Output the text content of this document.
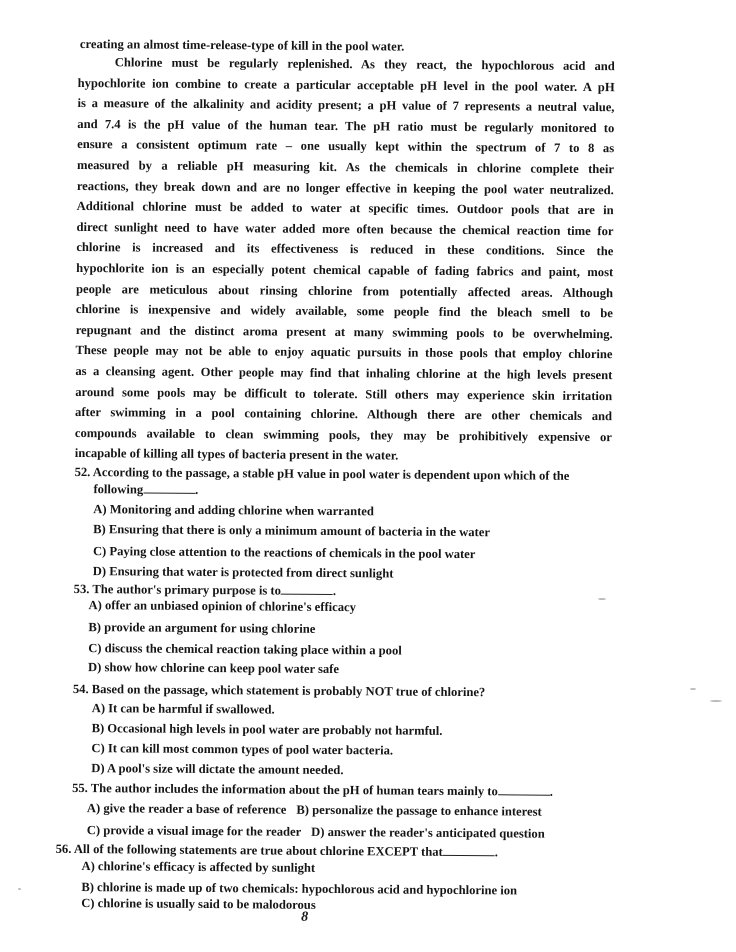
creating an almost time-release-type of kill in the pool water.
Chlorine must be regularly replenished. As they react, the hypochlorous acid and
hypochlorite ion combine to create a particular acceptable pH level in the pool water. A pH
is a measure of the alkalinity and acidity present; a pH value of 7 represents a neutral value,
and 7.4 is the pH value of the human tear. The pH ratio must be regularly monitored to
ensure a consistent optimum rate – one usually kept within the spectrum of 7 to 8 as
measured by a reliable pH measuring kit. As the chemicals in chlorine complete their
reactions, they break down and are no longer effective in keeping the pool water neutralized.
Additional chlorine must be added to water at specific times. Outdoor pools that are in
direct sunlight need to have water added more often because the chemical reaction time for
chlorine is increased and its effectiveness is reduced in these conditions. Since the
hypochlorite ion is an especially potent chemical capable of fading fabrics and paint, most
people are meticulous about rinsing chlorine from potentially affected areas. Although
chlorine is inexpensive and widely available, some people find the bleach smell to be
repugnant and the distinct aroma present at many swimming pools to be overwhelming.
These people may not be able to enjoy aquatic pursuits in those pools that employ chlorine
as a cleansing agent. Other people may find that inhaling chlorine at the high levels present
around some pools may be difficult to tolerate. Still others may experience skin irritation
after swimming in a pool containing chlorine. Although there are other chemicals and
compounds available to clean swimming pools, they may be prohibitively expensive or
incapable of killing all types of bacteria present in the water.
52. According to the passage, a stable pH value in pool water is dependent upon which of the
following	.
A) Monitoring and adding chlorine when warranted
B) Ensuring that there is only a minimum amount of bacteria in the water
C) Paying close attention to the reactions of chemicals in the pool water
D) Ensuring that water is protected from direct sunlight
53. The author's primary purpose is to	.
A) offer an unbiased opinion of chlorine's efficacy
B) provide an argument for using chlorine
C) discuss the chemical reaction taking place within a pool
D) show how chlorine can keep pool water safe
54. Based on the passage, which statement is probably NOT true of chlorine?
A) It can be harmful if swallowed.
B) Occasional high levels in pool water are probably not harmful.
C) It can kill most common types of pool water bacteria.
D) A pool's size will dictate the amount needed.
55. The author includes the information about the pH of human tears mainly to	.
A) give the reader a base of reference B) personalize the passage to enhance interest
C) provide a visual image for the reader D) answer the reader's anticipated question
56. All of the following statements are true about chlorine EXCEPT that	.
A) chlorine's efficacy is affected by sunlight
B) chlorine is made up of two chemicals: hypochlorous acid and hypochlorine ion
C) chlorine is usually said to be malodorous
8
